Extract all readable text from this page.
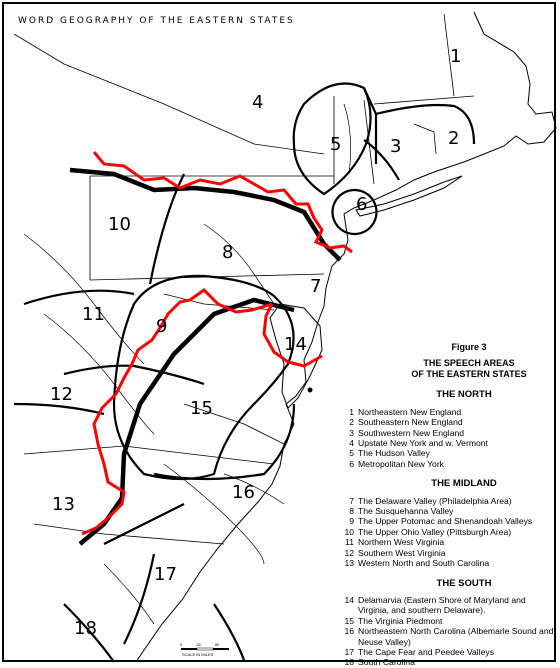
1
2
3
4
5
6
7
8
9
10
11
12
13
14
15
16
17
18
WORD GEOGRAPHY OF THE EASTERN STATES
Figure 3
THE SPEECH AREAS
OF THE EASTERN STATES
THE NORTH
1 Northeastern New England
2 Southeastern New England
3 Southwestern New England
4 Upstate New York and w. Vermont
5 The Hudson Valley
6 Metropolitan New York
THE MIDLAND
7 The Delaware Valley (Philadelphia Area)
8 The Susquehanna Valley
9 The Upper Potomac and Shenandoah Valleys
10 The Upper Ohio Valley (Pittsburgh Area)
11 Northern West Virginia
12 Southern West Virginia
13 Western North and South Carolina
THE SOUTH
14 Delamarvia (Eastern Shore of Maryland and Virginia, and southern Delaware).
15 The Virginia Piedmont
16 Northeastern North Carolina (Albemarle Sound and Neuse Valley)
17 The Cape Fear and Peedee Valleys
18 South Carolina
0	25	50
SCALE IN MILES
